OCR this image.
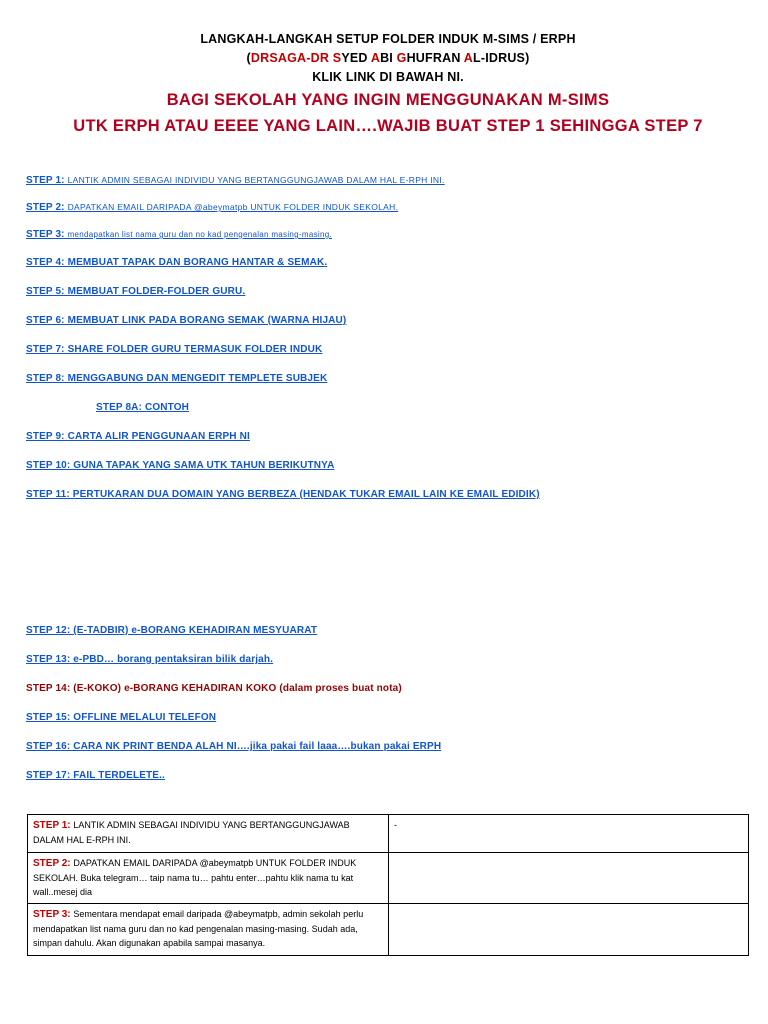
LANGKAH-LANGKAH SETUP FOLDER INDUK M-SIMS / ERPH
(DRSAGA-DR SYED ABI GHUFRAN AL-IDRUS)
KLIK LINK DI BAWAH NI.
BAGI SEKOLAH YANG INGIN MENGGUNAKAN M-SIMS
UTK ERPH ATAU EEEE YANG LAIN….WAJIB BUAT STEP 1 SEHINGGA STEP 7
STEP 1: LANTIK ADMIN SEBAGAI INDIVIDU YANG BERTANGGUNGJAWAB DALAM HAL E-RPH INI.
STEP 2: DAPATKAN EMAIL DARIPADA @abeymatpb UNTUK FOLDER INDUK SEKOLAH.
STEP 3: mendapatkan list nama guru dan no kad pengenalan masing-masing.
STEP 4: MEMBUAT TAPAK DAN BORANG HANTAR & SEMAK.
STEP 5: MEMBUAT FOLDER-FOLDER GURU.
STEP 6: MEMBUAT LINK PADA BORANG SEMAK (WARNA HIJAU)
STEP 7: SHARE FOLDER GURU TERMASUK FOLDER INDUK
STEP 8: MENGGABUNG DAN MENGEDIT TEMPLETE SUBJEK
STEP 8A: CONTOH
STEP 9: CARTA ALIR PENGGUNAAN ERPH NI
STEP 10: GUNA TAPAK YANG SAMA UTK TAHUN BERIKUTNYA
STEP 11: PERTUKARAN DUA DOMAIN YANG BERBEZA (HENDAK TUKAR EMAIL LAIN KE EMAIL EDIDIK)
STEP 12: (E-TADBIR) e-BORANG KEHADIRAN MESYUARAT
STEP 13: e-PBD… borang pentaksiran bilik darjah.
STEP 14: (E-KOKO) e-BORANG KEHADIRAN KOKO (dalam proses buat nota)
STEP 15: OFFLINE MELALUI TELEFON
STEP 16: CARA NK PRINT BENDA ALAH NI….jika pakai fail laaa….bukan pakai ERPH
STEP 17: FAIL TERDELETE..
STEP 1: LANTIK ADMIN SEBAGAI INDIVIDU YANG BERTANGGUNGJAWAB DALAM HAL E-RPH INI.	-
STEP 2: DAPATKAN EMAIL DARIPADA @abeymatpb UNTUK FOLDER INDUK SEKOLAH. Buka telegram… taip nama tu… pahtu enter…pahtu klik nama tu kat wall..mesej dia	
STEP 3: Sementara mendapat email daripada @abeymatpb, admin sekolah perlu mendapatkan list nama guru dan no kad pengenalan masing-masing. Sudah ada, simpan dahulu. Akan digunakan apabila sampai masanya.	
